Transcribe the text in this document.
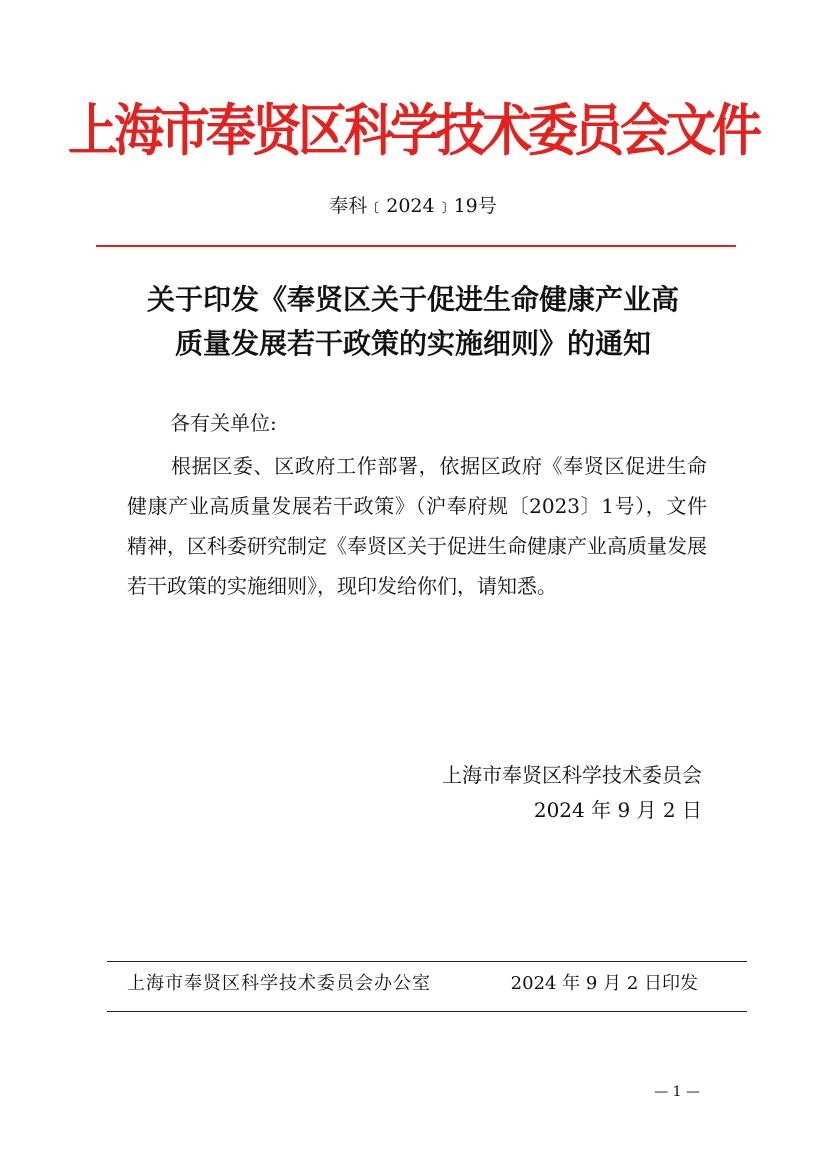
上海市奉贤区科学技术委员会文件
奉科﹝2024﹞19号
关于印发《奉贤区关于促进生命健康产业高
质量发展若干政策的实施细则》的通知
各有关单位:
根据区委、区政府工作部署，依据区政府《奉贤区促进生命健康产业高质量发展若干政策》（沪奉府规〔2023〕1号），文件精神，区科委研究制定《奉贤区关于促进生命健康产业高质量发展若干政策的实施细则》，现印发给你们，请知悉。
上海市奉贤区科学技术委员会
2024 年 9 月 2 日
上海市奉贤区科学技术委员会办公室	2024 年 9 月 2 日印发
— 1 —
